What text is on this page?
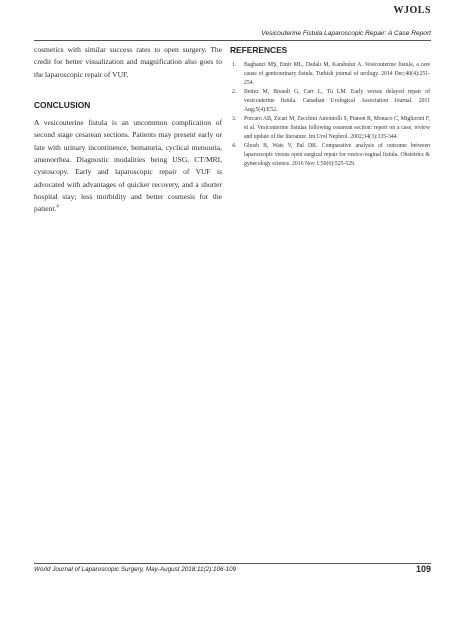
WJOLS
Vesicouterine Fistula Laparoscopic Repair: A Case Report

cosmetics with similar success rates to open surgery. The credit for better visualization and magnification also goes to the laparoscopic repair of VUF.

CONCLUSION

A vesicouterine fistula is an uncommon complication of second stage cesarean sections. Patients may present early or late with urinary incontinence, hematuria, cyclical menouria, amenorrhea. Diagnostic modalities being USG, CT/MRI, cystoscopy. Early and laparoscopic repair of VUF is advocated with advantages of quicker recovery, and a shorter hospital stay; less morbidity and better cosmesis for the patient.$^4$

REFERENCES
1.	Bagbanci MŞ, Emir ML, Dadalı M, Karabulut A. Vesicouterine fistula, a rare cause of genitourinary fistula. Turkish journal of urology. 2014 Dec;40(4):251-254.
2.	Bettez M, Breault G, Carr L, Tu LM. Early versus delayed repair of vesicouterine fistula. Canadian Urological Association Journal. 2011 Aug;5(4):E52.
3.	Porcaro AB, Zicari M, Zecchini Antoniolli S, Pianon R, Monaco C, Migliorini F, et al. Vesicouterine fistulas following cesarean section: report on a case, review and update of the literature. Int Urol Nephrol. 2002;34(3):335-344.
4.	Ghosh B, Wats V, Pal DK. Comparative analysis of outcome between laparoscopic versus open surgical repair for vesico-vaginal fistula. Obstetrics & gynecology science. 2016 Nov 1;59(6):525-529.
World Journal of Laparoscopic Surgery, May-August 2018;11(2):106-109	109
